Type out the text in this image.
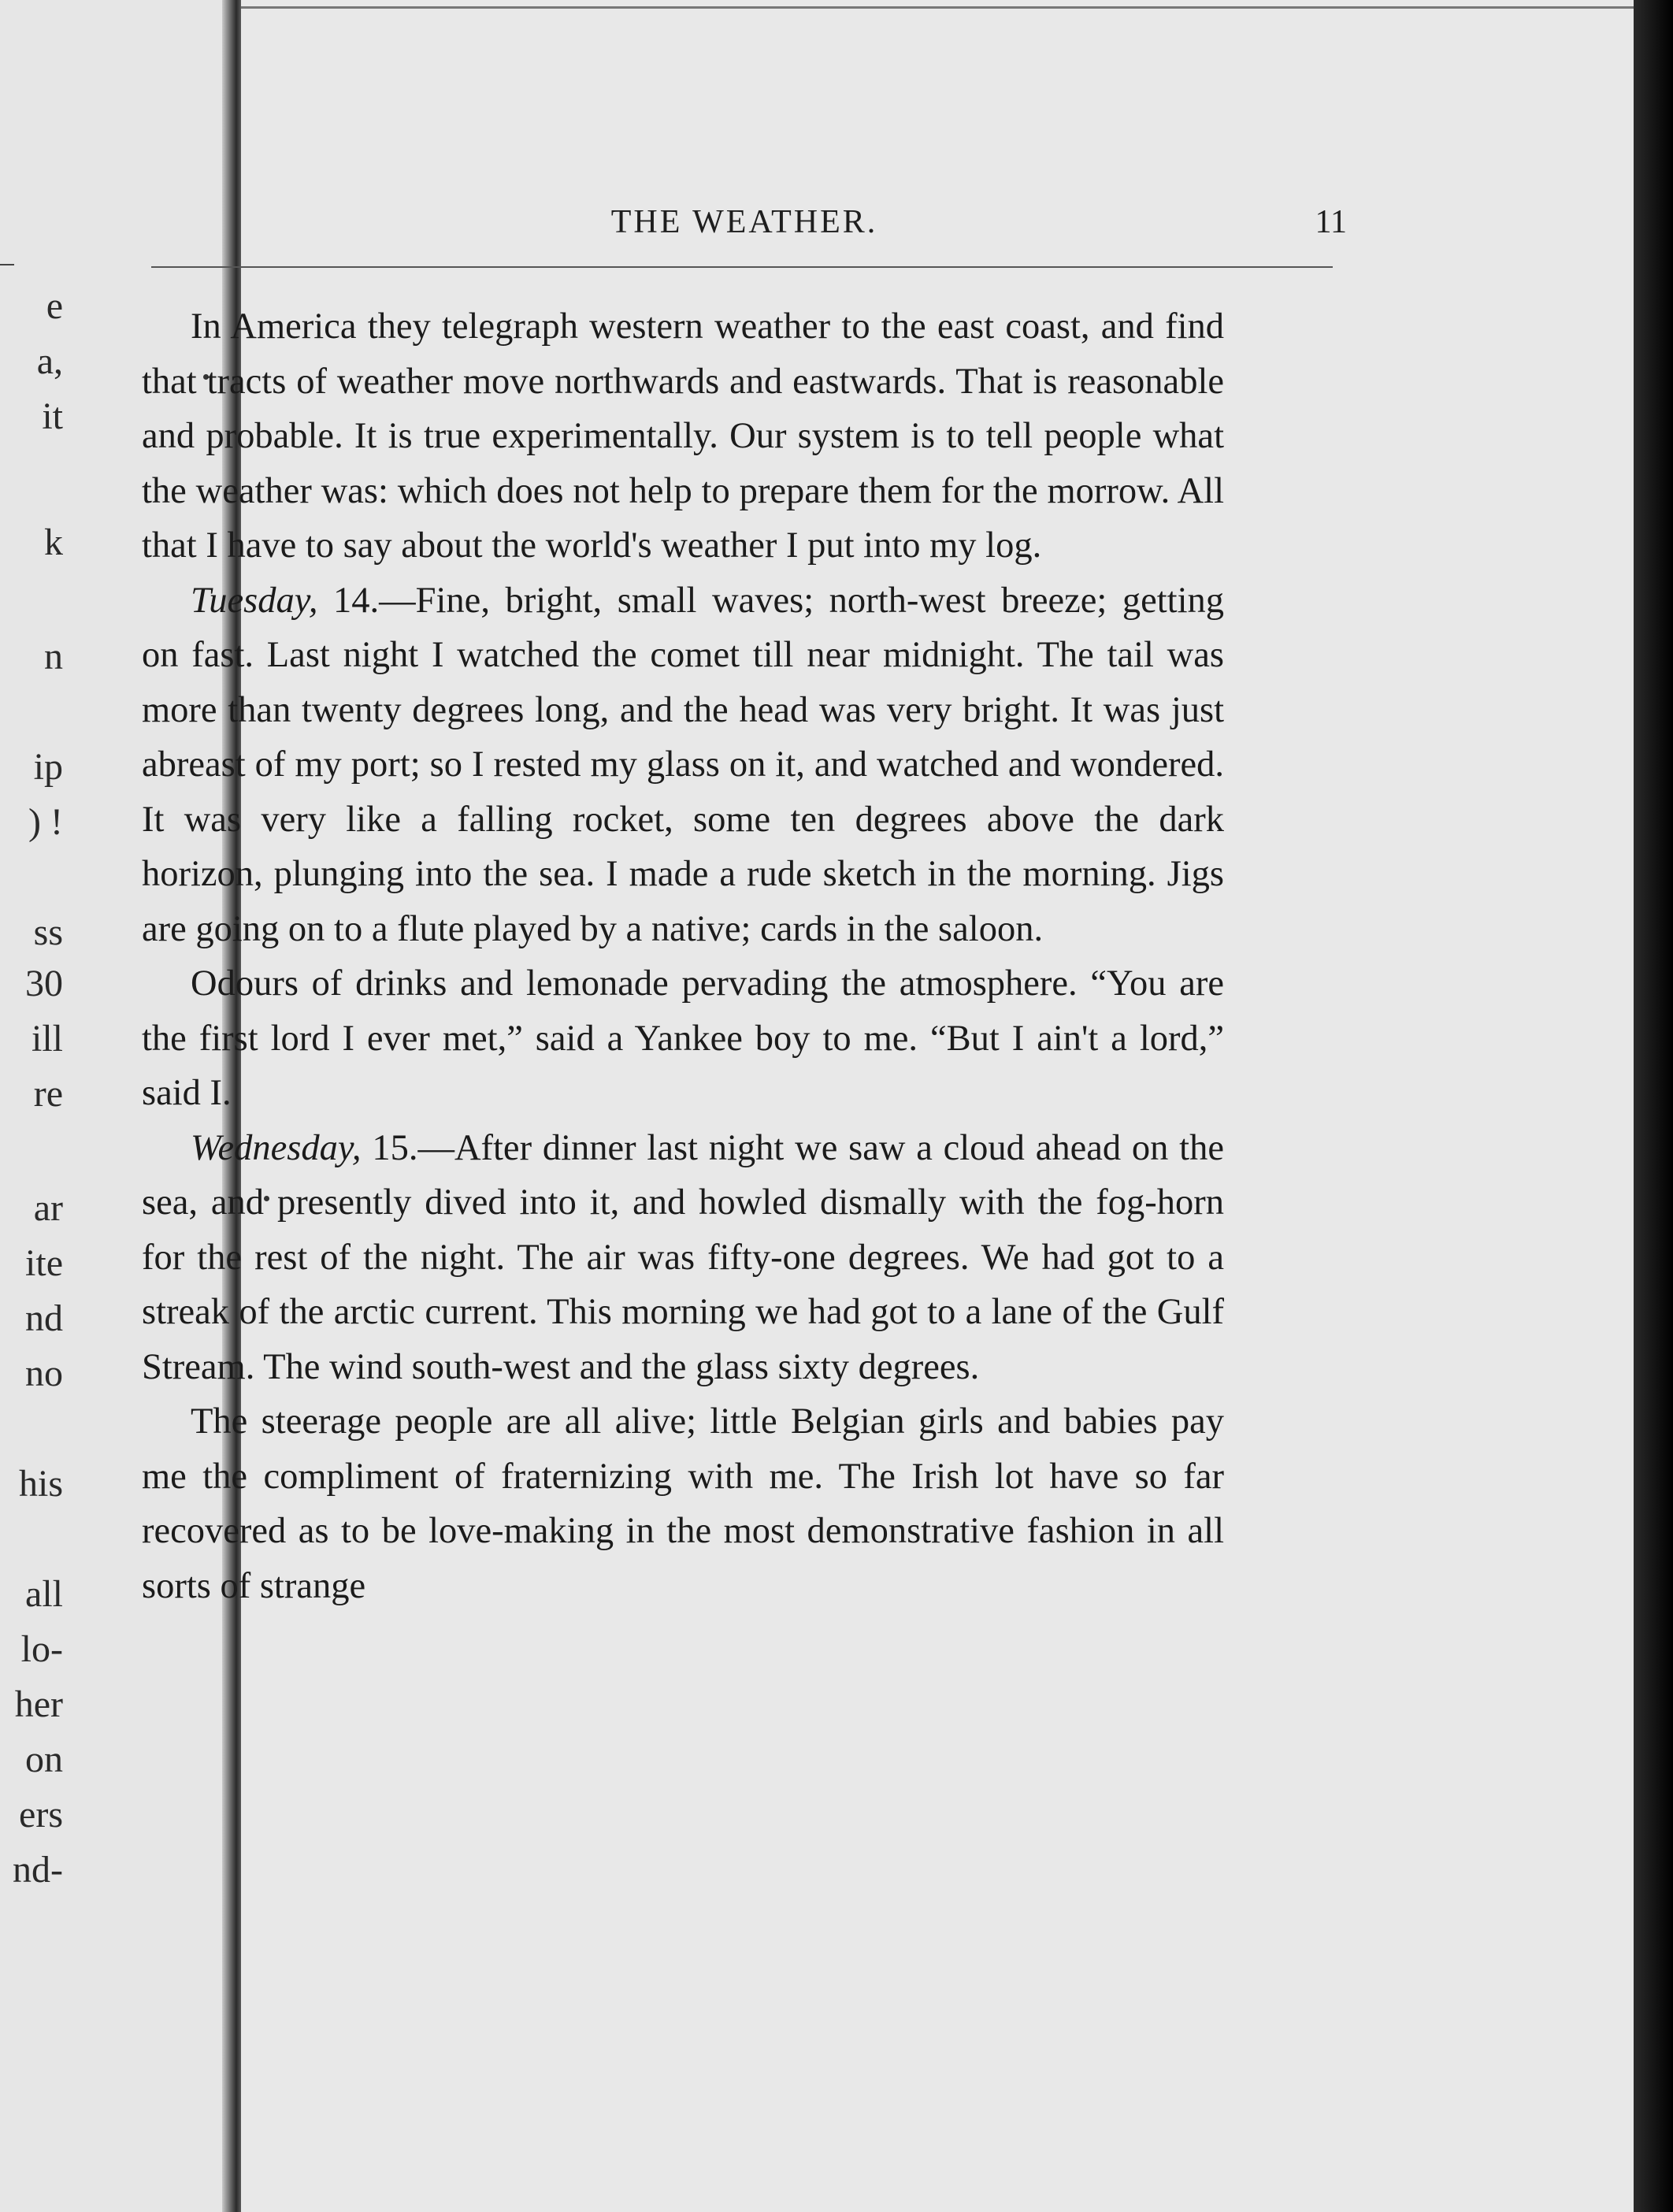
e
a,
it
k
n
ip
) !
ss
30
ill
re
ar
ite
nd
no
his
all
lo-
her
on
ers
nd-
THE WEATHER.	11

In America they telegraph western weather to the east coast, and find that tracts of weather move northwards and eastwards. That is reasonable and probable. It is true experimentally. Our system is to tell people what the weather was: which does not help to prepare them for the morrow. All that I have to say about the world's weather I put into my log.

Tuesday, 14.—Fine, bright, small waves; north-west breeze; getting on fast. Last night I watched the comet till near midnight. The tail was more than twenty degrees long, and the head was very bright. It was just abreast of my port; so I rested my glass on it, and watched and wondered. It was very like a falling rocket, some ten degrees above the dark horizon, plunging into the sea. I made a rude sketch in the morning. Jigs are going on to a flute played by a native; cards in the saloon.

Odours of drinks and lemonade pervading the atmosphere. “You are the first lord I ever met,” said a Yankee boy to me. “But I ain't a lord,” said I.

Wednesday, 15.—After dinner last night we saw a cloud ahead on the sea, and presently dived into it, and howled dismally with the fog-horn for the rest of the night. The air was fifty-one degrees. We had got to a streak of the arctic current. This morning we had got to a lane of the Gulf Stream. The wind south-west and the glass sixty degrees.

The steerage people are all alive; little Belgian girls and babies pay me the compliment of fraternizing with me. The Irish lot have so far recovered as to be love-making in the most demonstrative fashion in all sorts of strange
